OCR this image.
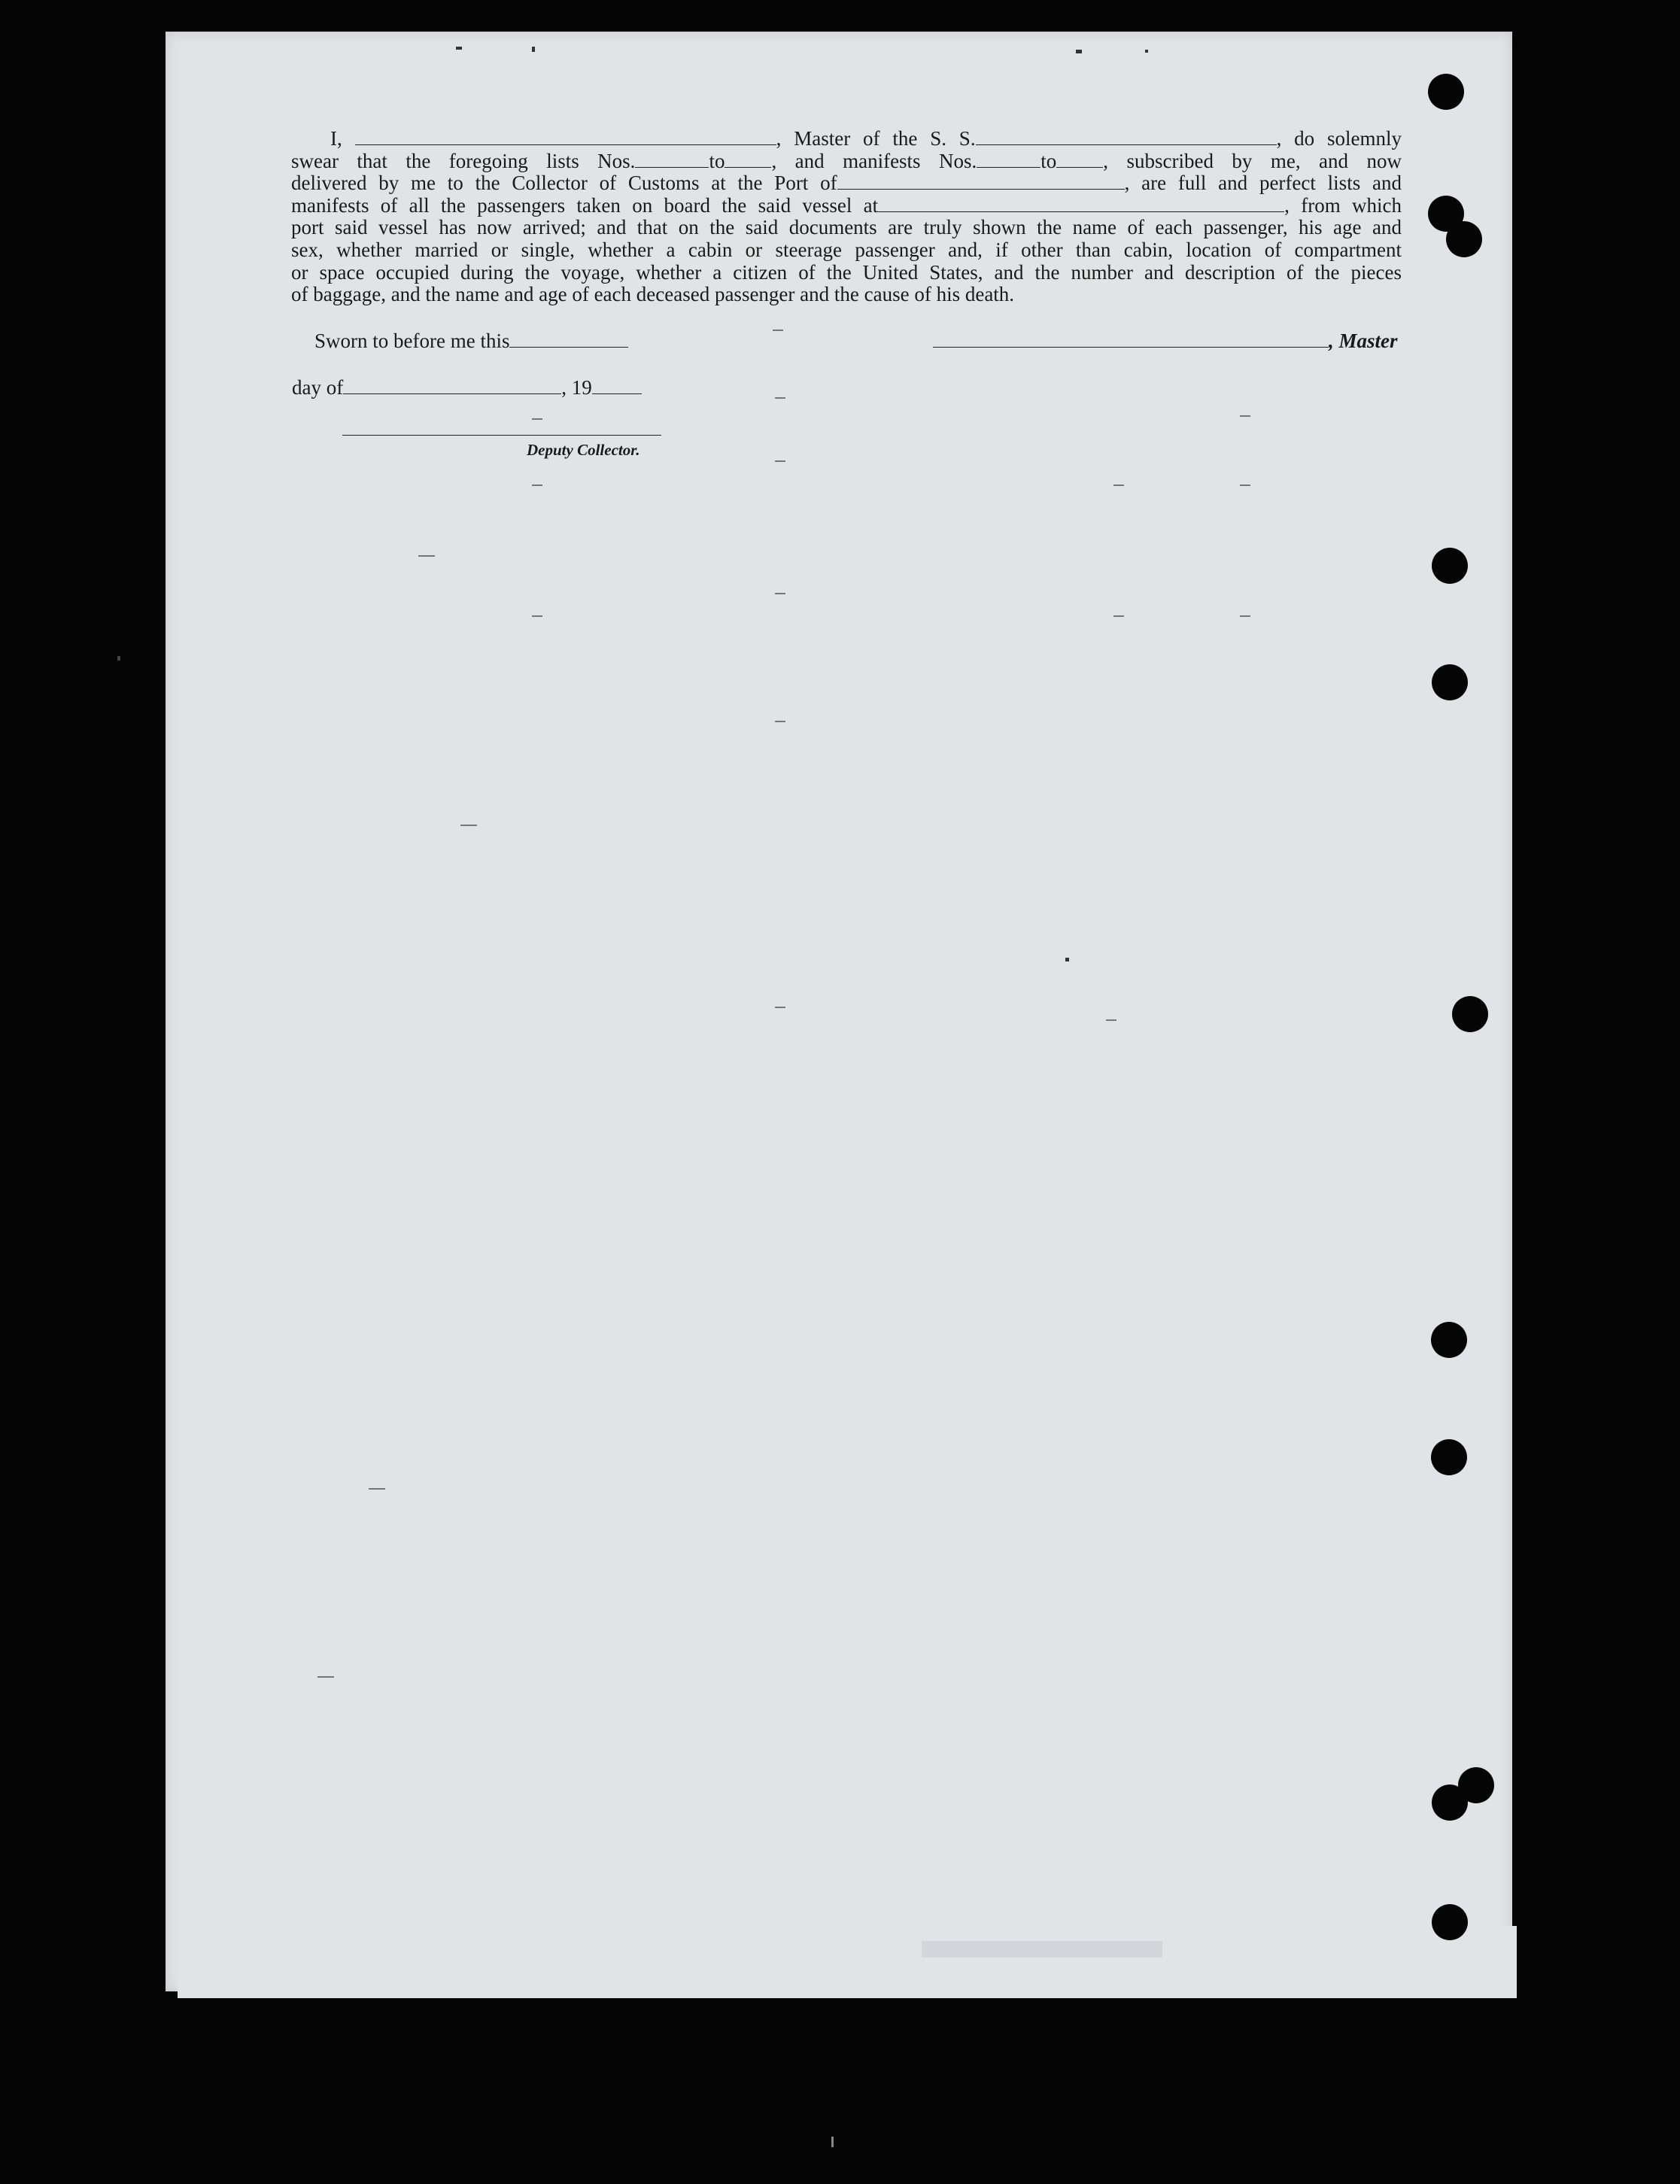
I,	, Master of the S. S.	, do solemnly
swear that the foregoing lists Nos.	to , and manifests Nos.	to , subscribed by me, and now
delivered by me to the Collector of Customs at the Port of	, are full and perfect lists and
manifests of all the passengers taken on board the said vessel at	, from which
port said vessel has now arrived; and that on the said documents are truly shown the name of each passenger, his age and
sex, whether married or single, whether a cabin or steerage passenger and, if other than cabin, location of compartment
or space occupied during the voyage, whether a citizen of the United States, and the number and description of the pieces
of baggage, and the name and age of each deceased passenger and the cause of his death.
Sworn to before me this	, Master
day of	, 19
Deputy Collector.
